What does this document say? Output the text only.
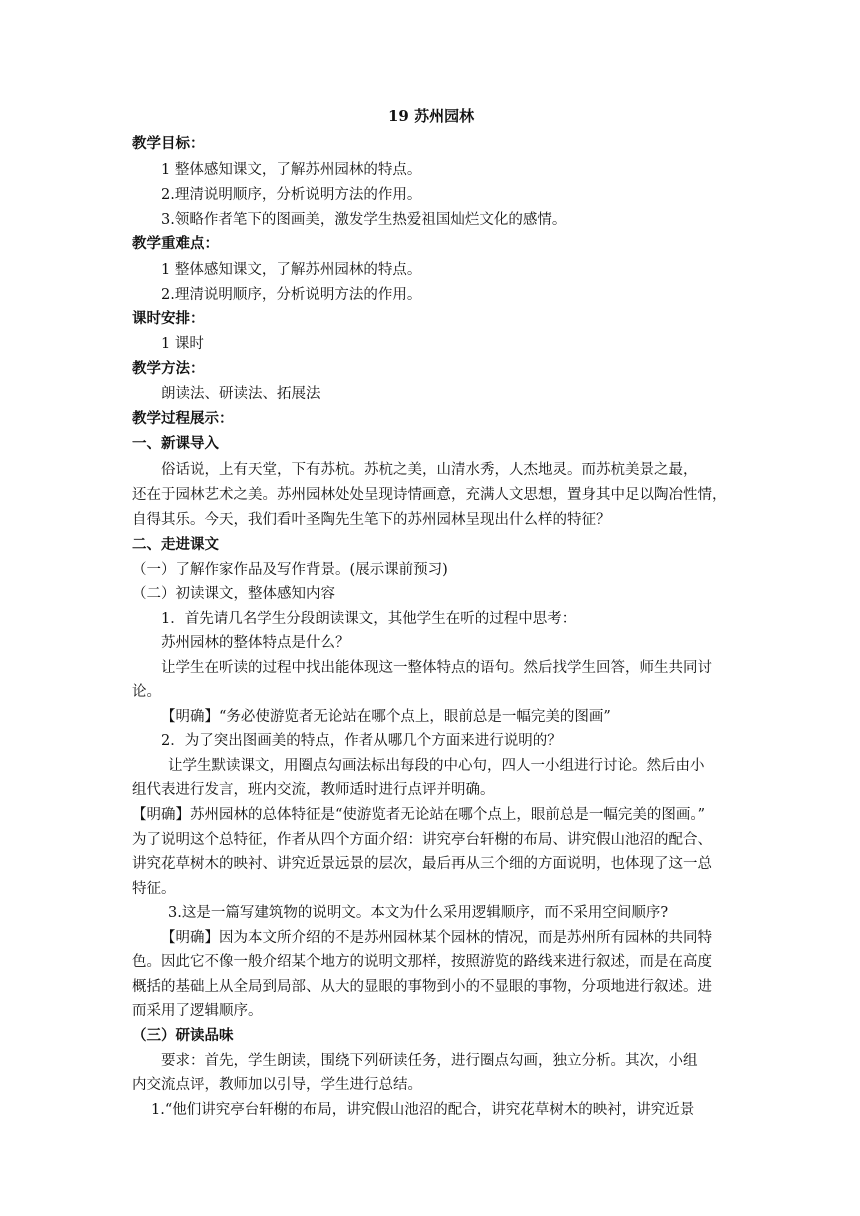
19 苏州园林
教学目标：
1 整体感知课文，了解苏州园林的特点。
2.理清说明顺序，分析说明方法的作用。
3.领略作者笔下的图画美，激发学生热爱祖国灿烂文化的感情。
教学重难点：
1 整体感知课文，了解苏州园林的特点。
2.理清说明顺序，分析说明方法的作用。
课时安排：
1 课时
教学方法：
朗读法、研读法、拓展法
教学过程展示：
一、新课导入
俗话说，上有天堂，下有苏杭。苏杭之美，山清水秀，人杰地灵。而苏杭美景之最，
还在于园林艺术之美。苏州园林处处呈现诗情画意，充满人文思想，置身其中足以陶冶性情，
自得其乐。今天，我们看叶圣陶先生笔下的苏州园林呈现出什么样的特征？
二、走进课文
（一）了解作家作品及写作背景。(展示课前预习)
（二）初读课文，整体感知内容
1．首先请几名学生分段朗读课文，其他学生在听的过程中思考：
苏州园林的整体特点是什么？
让学生在听读的过程中找出能体现这一整体特点的语句。然后找学生回答，师生共同讨
论。
【明确】“务必使游览者无论站在哪个点上，眼前总是一幅完美的图画”
2．为了突出图画美的特点，作者从哪几个方面来进行说明的？
让学生默读课文，用圈点勾画法标出每段的中心句，四人一小组进行讨论。然后由小
组代表进行发言，班内交流，教师适时进行点评并明确。
【明确】苏州园林的总体特征是“使游览者无论站在哪个点上，眼前总是一幅完美的图画。”
为了说明这个总特征，作者从四个方面介绍：讲究亭台轩榭的布局、讲究假山池沼的配合、
讲究花草树木的映衬、讲究近景远景的层次，最后再从三个细的方面说明，也体现了这一总
特征。
3.这是一篇写建筑物的说明文。本文为什么采用逻辑顺序，而不采用空间顺序?
【明确】因为本文所介绍的不是苏州园林某个园林的情况，而是苏州所有园林的共同特
色。因此它不像一般介绍某个地方的说明文那样，按照游览的路线来进行叙述，而是在高度
概括的基础上从全局到局部、从大的显眼的事物到小的不显眼的事物，分项地进行叙述。进
而采用了逻辑顺序。
（三）研读品味
要求：首先，学生朗读，围绕下列研读任务，进行圈点勾画，独立分析。其次，小组
内交流点评，教师加以引导，学生进行总结。
1.“他们讲究亭台轩榭的布局，讲究假山池沼的配合，讲究花草树木的映衬，讲究近景
